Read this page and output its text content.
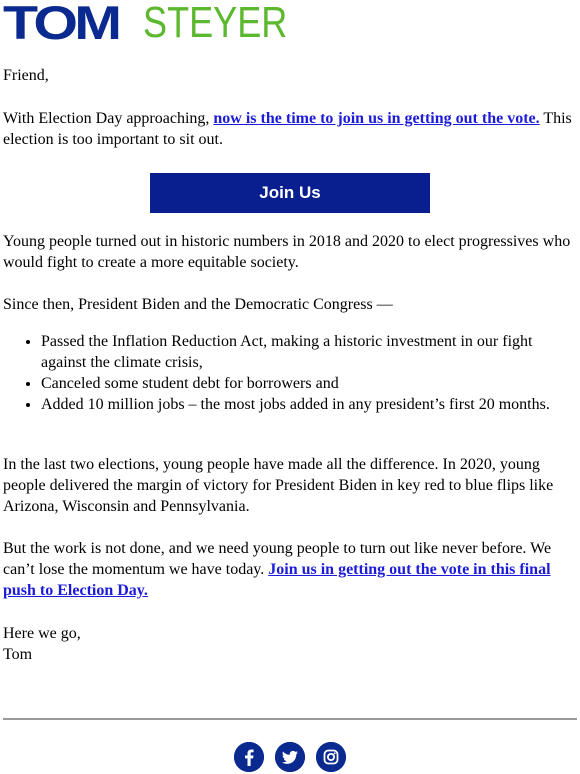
TOM STEYER

Friend,

With Election Day approaching, now is the time to join us in getting out the vote. This election is too important to sit out.

Join Us

Young people turned out in historic numbers in 2018 and 2020 to elect progressives who would fight to create a more equitable society.

Since then, President Biden and the Democratic Congress —

• Passed the Inflation Reduction Act, making a historic investment in our fight against the climate crisis,
• Canceled some student debt for borrowers and
• Added 10 million jobs – the most jobs added in any president’s first 20 months.

In the last two elections, young people have made all the difference. In 2020, young people delivered the margin of victory for President Biden in key red to blue flips like Arizona, Wisconsin and Pennsylvania.

But the work is not done, and we need young people to turn out like never before. We can’t lose the momentum we have today. Join us in getting out the vote in this final push to Election Day.

Here we go,

Tom
